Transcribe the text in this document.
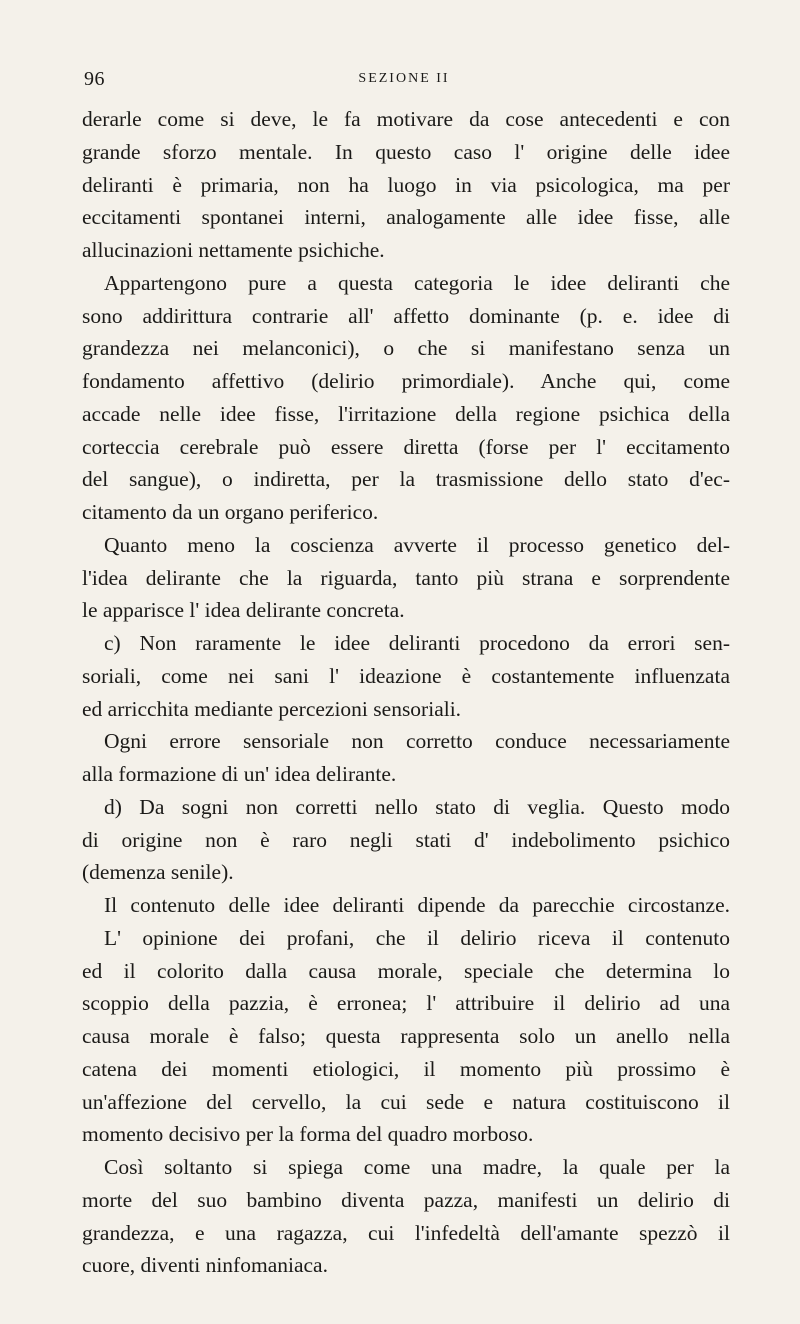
96	SEZIONE II
derarle come si deve, le fa motivare da cose antecedenti e con
grande sforzo mentale. In questo caso l' origine delle idee
deliranti è primaria, non ha luogo in via psicologica, ma per
eccitamenti spontanei interni, analogamente alle idee fisse, alle
allucinazioni nettamente psichiche.
Appartengono pure a questa categoria le idee deliranti che
sono addirittura contrarie all' affetto dominante (p. e. idee di
grandezza nei melanconici), o che si manifestano senza un
fondamento affettivo (delirio primordiale). Anche qui, come
accade nelle idee fisse, l'irritazione della regione psichica della
corteccia cerebrale può essere diretta (forse per l' eccitamento
del sangue), o indiretta, per la trasmissione dello stato d'ec-
citamento da un organo periferico.
Quanto meno la coscienza avverte il processo genetico del-
l'idea delirante che la riguarda, tanto più strana e sorprendente
le apparisce l' idea delirante concreta.
c) Non raramente le idee deliranti procedono da errori sen-
soriali, come nei sani l' ideazione è costantemente influenzata
ed arricchita mediante percezioni sensoriali.
Ogni errore sensoriale non corretto conduce necessariamente
alla formazione di un' idea delirante.
d) Da sogni non corretti nello stato di veglia. Questo modo
di origine non è raro negli stati d' indebolimento psichico
(demenza senile).
Il contenuto delle idee deliranti dipende da parecchie circostanze.
L' opinione dei profani, che il delirio riceva il contenuto
ed il colorito dalla causa morale, speciale che determina lo
scoppio della pazzia, è erronea; l' attribuire il delirio ad una
causa morale è falso; questa rappresenta solo un anello nella
catena dei momenti etiologici, il momento più prossimo è
un'affezione del cervello, la cui sede e natura costituiscono il
momento decisivo per la forma del quadro morboso.
Così soltanto si spiega come una madre, la quale per la
morte del suo bambino diventa pazza, manifesti un delirio di
grandezza, e una ragazza, cui l'infedeltà dell'amante spezzò il
cuore, diventi ninfomaniaca.
